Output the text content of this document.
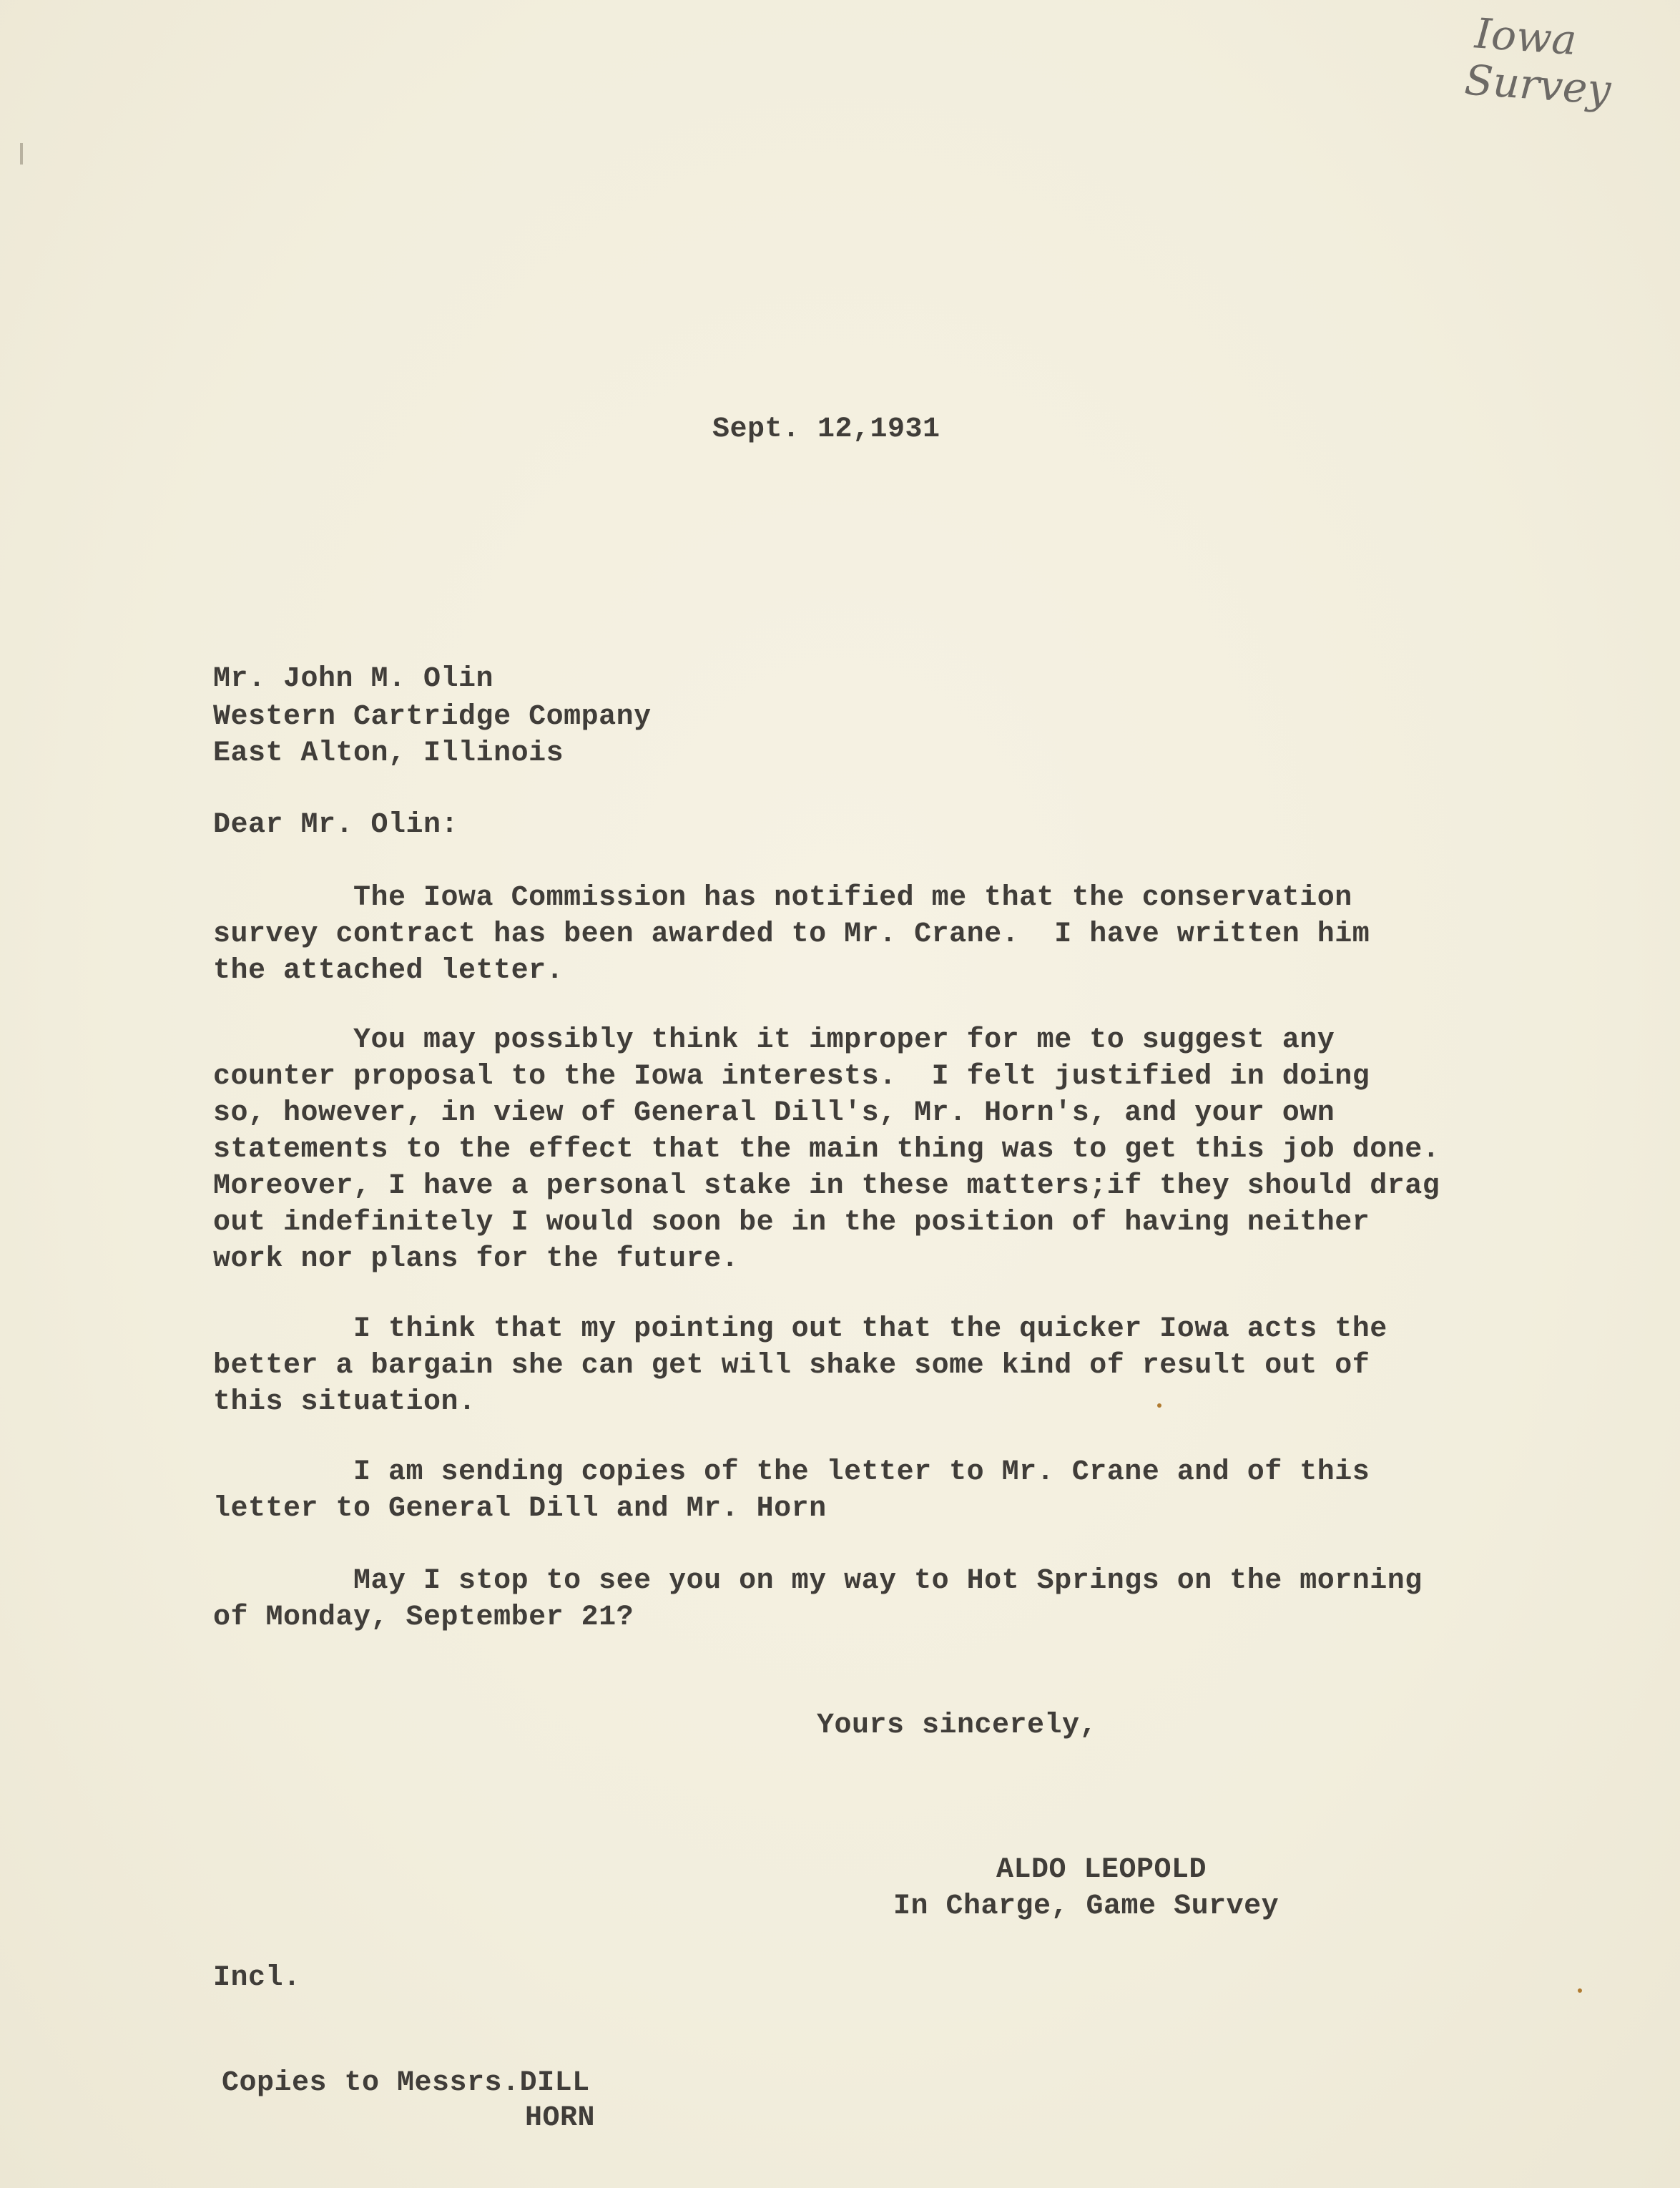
Iowa
Survey
Sept. 12,1931
Mr. John M. Olin
Western Cartridge Company
East Alton, Illinois
Dear Mr. Olin:
The Iowa Commission has notified me that the conservation
survey contract has been awarded to Mr. Crane.  I have written him
the attached letter.
You may possibly think it improper for me to suggest any
counter proposal to the Iowa interests.  I felt justified in doing
so, however, in view of General Dill's, Mr. Horn's, and your own
statements to the effect that the main thing was to get this job done.
Moreover, I have a personal stake in these matters;if they should drag
out indefinitely I would soon be in the position of having neither
work nor plans for the future.
I think that my pointing out that the quicker Iowa acts the
better a bargain she can get will shake some kind of result out of
this situation.
I am sending copies of the letter to Mr. Crane and of this
letter to General Dill and Mr. Horn
May I stop to see you on my way to Hot Springs on the morning
of Monday, September 21?
Yours sincerely,
ALDO LEOPOLD
In Charge, Game Survey
Incl.
Copies to Messrs.DILL
HORN
